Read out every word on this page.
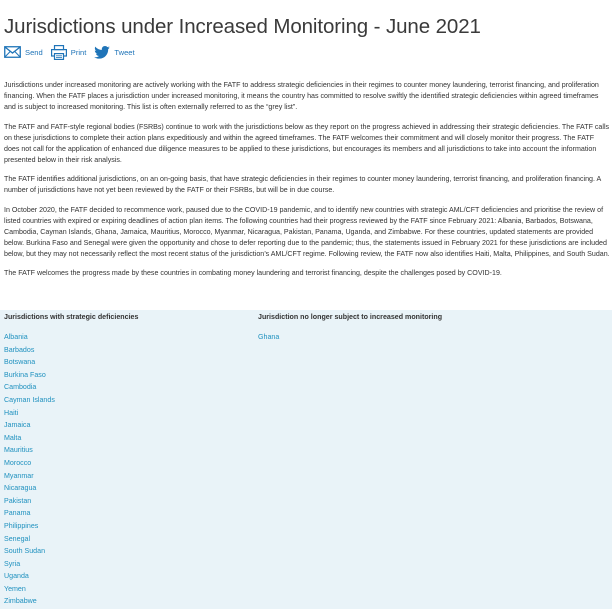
Jurisdictions under Increased Monitoring - June 2021
Send	Print	Tweet

Jurisdictions under increased monitoring are actively working with the FATF to address strategic deficiencies in their regimes to counter money laundering, terrorist financing, and proliferation financing. When the FATF places a jurisdiction under increased monitoring, it means the country has committed to resolve swiftly the identified strategic deficiencies within agreed timeframes and is subject to increased monitoring. This list is often externally referred to as the “grey list”.

The FATF and FATF-style regional bodies (FSRBs) continue to work with the jurisdictions below as they report on the progress achieved in addressing their strategic deficiencies. The FATF calls on these jurisdictions to complete their action plans expeditiously and within the agreed timeframes. The FATF welcomes their commitment and will closely monitor their progress. The FATF does not call for the application of enhanced due diligence measures to be applied to these jurisdictions, but encourages its members and all jurisdictions to take into account the information presented below in their risk analysis.

The FATF identifies additional jurisdictions, on an on-going basis, that have strategic deficiencies in their regimes to counter money laundering, terrorist financing, and proliferation financing. A number of jurisdictions have not yet been reviewed by the FATF or their FSRBs, but will be in due course.

In October 2020, the FATF decided to recommence work, paused due to the COVID-19 pandemic, and to identify new countries with strategic AML/CFT deficiencies and prioritise the review of listed countries with expired or expiring deadlines of action plan items. The following countries had their progress reviewed by the FATF since February 2021: Albania, Barbados, Botswana, Cambodia, Cayman Islands, Ghana, Jamaica, Mauritius, Morocco, Myanmar, Nicaragua, Pakistan, Panama, Uganda, and Zimbabwe. For these countries, updated statements are provided below. Burkina Faso and Senegal were given the opportunity and chose to defer reporting due to the pandemic; thus, the statements issued in February 2021 for these jurisdictions are included below, but they may not necessarily reflect the most recent status of the jurisdiction’s AML/CFT regime. Following review, the FATF now also identifies Haiti, Malta, Philippines, and South Sudan.

The FATF welcomes the progress made by these countries in combating money laundering and terrorist financing, despite the challenges posed by COVID-19.

Jurisdictions with strategic deficiencies
Albania
Barbados
Botswana
Burkina Faso
Cambodia
Cayman Islands
Haiti
Jamaica
Malta
Mauritius
Morocco
Myanmar
Nicaragua
Pakistan
Panama
Philippines
Senegal
South Sudan
Syria
Uganda
Yemen
Zimbabwe
Jurisdiction no longer subject to increased monitoring
Ghana
